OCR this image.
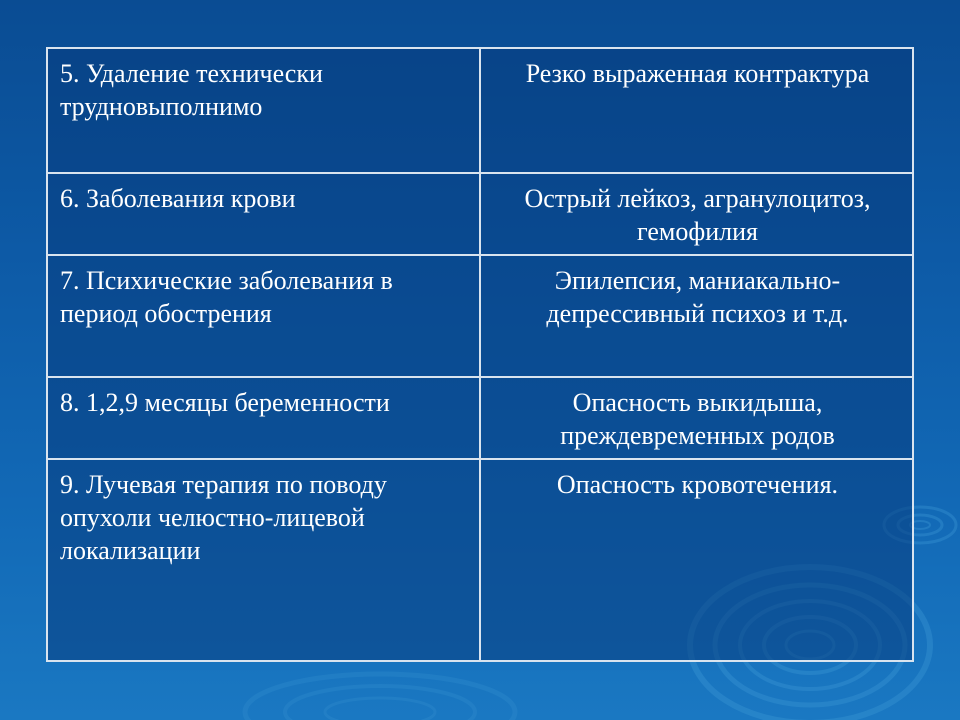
5. Удаление технически трудновыполнимо	Резко выраженная контрактура
6. Заболевания крови	Острый лейкоз, агранулоцитоз, гемофилия
7. Психические заболевания в период обострения	Эпилепсия, маниакально-депрессивный психоз и т.д.
8. 1,2,9 месяцы беременности	Опасность выкидыша, преждевременных родов
9. Лучевая терапия по поводу опухоли челюстно-лицевой локализации	Опасность кровотечения.
